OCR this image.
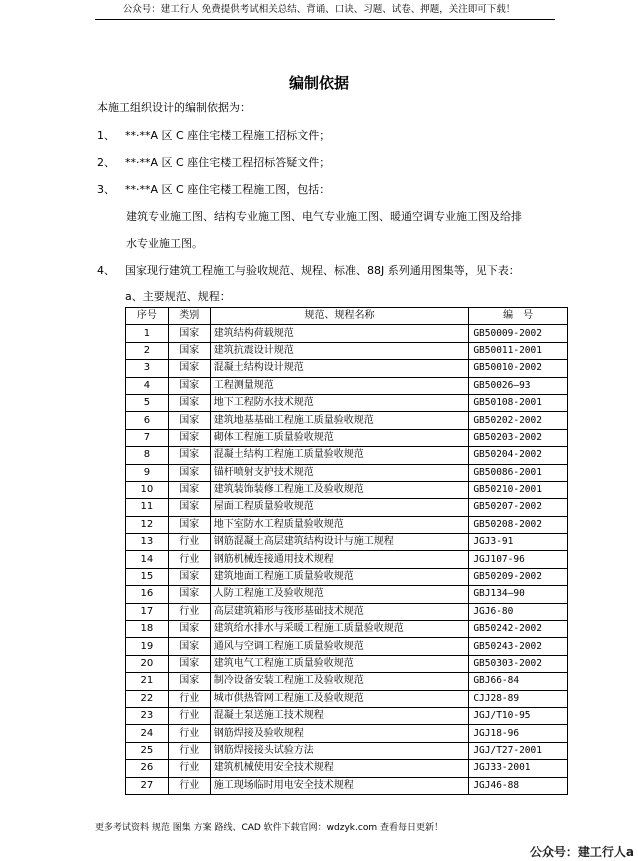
公众号：建工行人 免费提供考试相关总结、背诵、口诀、习题、试卷、押题，关注即可下载！
编制依据
本施工组织设计的编制依据为：
1、 **·**A 区 C 座住宅楼工程施工招标文件；
2、 **·**A 区 C 座住宅楼工程招标答疑文件；
3、 **·**A 区 C 座住宅楼工程施工图，包括：
建筑专业施工图、结构专业施工图、电气专业施工图、暖通空调专业施工图及给排
水专业施工图。
4、 国家现行建筑工程施工与验收规范、规程、标准、88J 系列通用图集等，见下表：
a、主要规范、规程：
序号	类别	规范、规程名称	编　号
1	国家	建筑结构荷载规范	GB50009-2002
2	国家	建筑抗震设计规范	GB50011-2001
3	国家	混凝土结构设计规范	GB50010-2002
4	国家	工程测量规范	GB50026—93
5	国家	地下工程防水技术规范	GB50108-2001
6	国家	建筑地基基础工程施工质量验收规范	GB50202-2002
7	国家	砌体工程施工质量验收规范	GB50203-2002
8	国家	混凝土结构工程施工质量验收规范	GB50204-2002
9	国家	锚杆喷射支护技术规范	GB50086-2001
10	国家	建筑装饰装修工程施工及验收规范	GB50210-2001
11	国家	屋面工程质量验收规范	GB50207-2002
12	国家	地下室防水工程质量验收规范	GB50208-2002
13	行业	钢筋混凝土高层建筑结构设计与施工规程	JGJ3-91
14	行业	钢筋机械连接通用技术规程	JGJ107-96
15	国家	建筑地面工程施工质量验收规范	GB50209-2002
16	国家	人防工程施工及验收规范	GBJ134—90
17	行业	高层建筑箱形与筏形基础技术规范	JGJ6-80
18	国家	建筑给水排水与采暖工程施工质量验收规范	GB50242-2002
19	国家	通风与空调工程施工质量验收规范	GB50243-2002
20	国家	建筑电气工程施工质量验收规范	GB50303-2002
21	国家	制冷设备安装工程施工及验收规范	GBJ66-84
22	行业	城市供热管网工程施工及验收规范	CJJ28-89
23	行业	混凝土泵送施工技术规程	JGJ/T10-95
24	行业	钢筋焊接及验收规程	JGJ18-96
25	行业	钢筋焊接接头试验方法	JGJ/T27-2001
26	行业	建筑机械使用安全技术规程	JGJ33-2001
27	行业	施工现场临时用电安全技术规程	JGJ46-88
更多考试资料 规范 图集 方案 路线、CAD 软件下载官网：wdzyk.com 查看每日更新！
公众号：建工行人a
